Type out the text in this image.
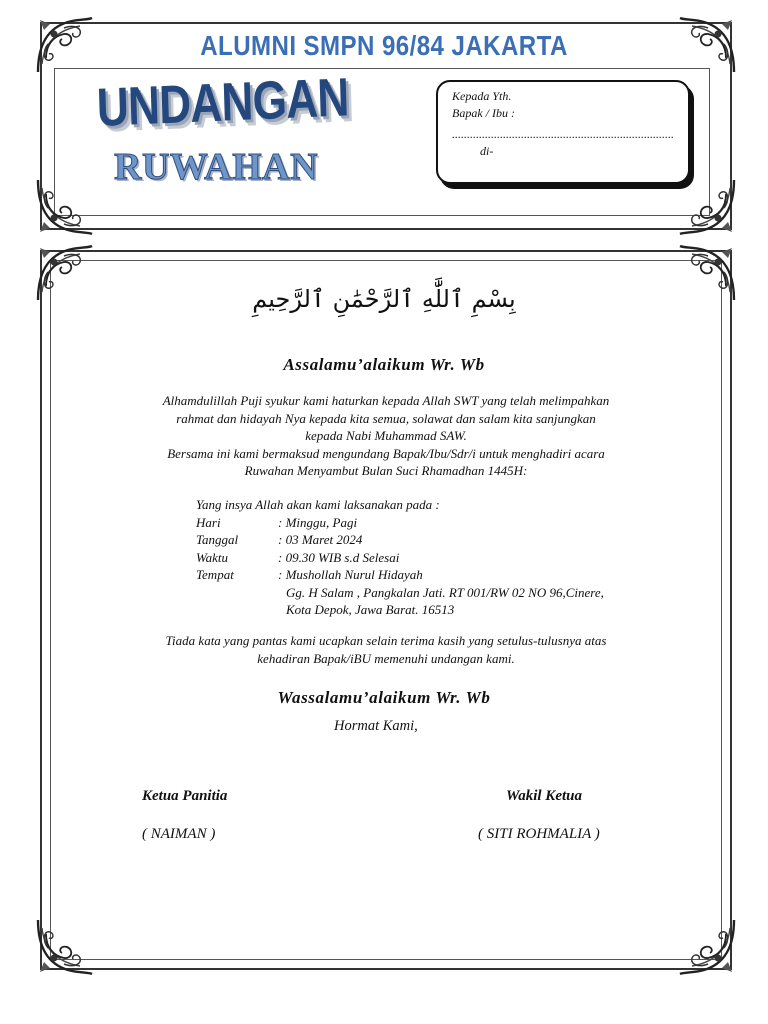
ALUMNI SMPN 96/84 JAKARTA
UNDANGAN
RUWAHAN
Kepada Yth.
Bapak / Ibu :
..........................................................................
di-
بِسْمِ ٱللَّٰهِ ٱلرَّحْمَٰنِ ٱلرَّحِيمِ
Assalamu’alaikum Wr. Wb
Alhamdulillah Puji syukur kami haturkan kepada Allah SWT yang telah melimpahkan
rahmat dan hidayah Nya kepada kita semua, solawat dan salam kita sanjungkan
kepada Nabi Muhammad SAW.
Bersama ini kami bermaksud mengundang Bapak/Ibu/Sdr/i untuk menghadiri acara
Ruwahan Menyambut Bulan Suci Rhamadhan 1445H:
Yang insya Allah akan kami laksanakan pada :
Hari	: Minggu, Pagi
Tanggal	: 03 Maret 2024
Waktu	: 09.30 WIB s.d Selesai
Tempat	: Mushollah Nurul Hidayah
Gg. H Salam , Pangkalan Jati. RT 001/RW 02 NO 96,Cinere,
Kota Depok, Jawa Barat. 16513
Tiada kata yang pantas kami ucapkan selain terima kasih yang setulus-tulusnya atas
kehadiran Bapak/iBU memenuhi undangan kami.
Wassalamu’alaikum Wr. Wb
Hormat Kami,
Ketua Panitia
( NAIMAN )
Wakil Ketua
( SITI ROHMALIA )
